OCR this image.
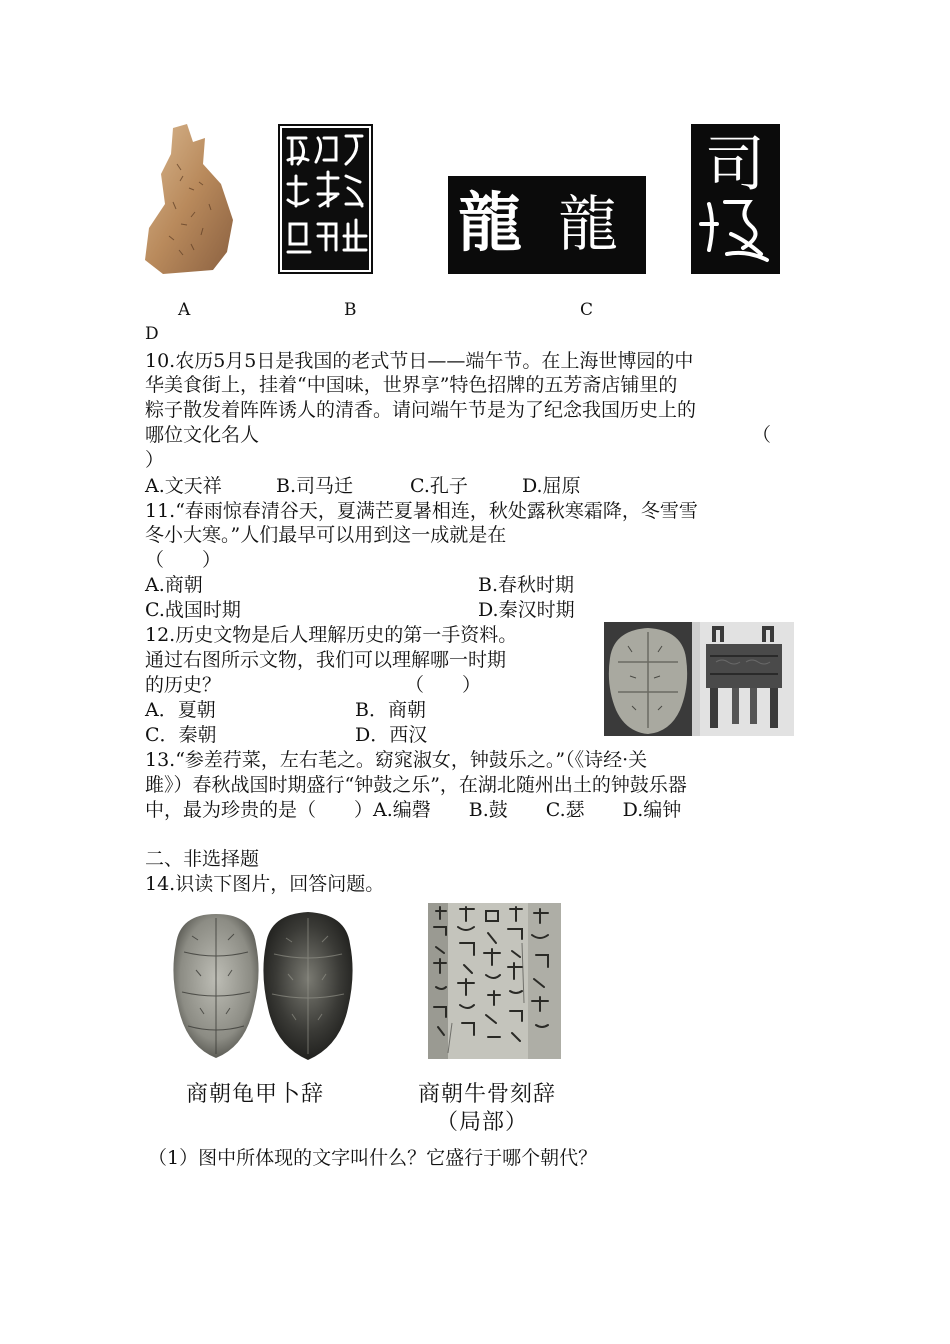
龍 龍
司
A	B	C
D
10.农历5月5日是我国的老式节日——端午节。在上海世博园的中
华美食街上，挂着“中国味，世界享”特色招牌的五芳斋店铺里的
粽子散发着阵阵诱人的清香。请问端午节是为了纪念我国历史上的
哪位文化名人	（
）
A.文天祥	B.司马迁	C.孔子	D.屈原
11.“春雨惊春清谷天，夏满芒夏暑相连，秋处露秋寒霜降，冬雪雪
冬小大寒。”人们最早可以用到这一成就是在
（　　）
A.商朝	B.春秋时期
C.战国时期	D.秦汉时期
12.历史文物是后人理解历史的第一手资料。
通过右图所示文物，我们可以理解哪一时期
的历史？	（　　）
A．夏朝	B．商朝
C．秦朝	D．西汉
13.“参差荇菜，左右芼之。窈窕淑女，钟鼓乐之。”（《诗经·关
雎》）春秋战国时期盛行“钟鼓之乐”，在湖北随州出土的钟鼓乐器
中，最为珍贵的是（　　）A.编磬　　B.鼓　　C.瑟　　D.编钟
二、非选择题
14.识读下图片，回答问题。
商朝龟甲卜辞	商朝牛骨刻辞
（局部）
（1）图中所体现的文字叫什么？它盛行于哪个朝代？
